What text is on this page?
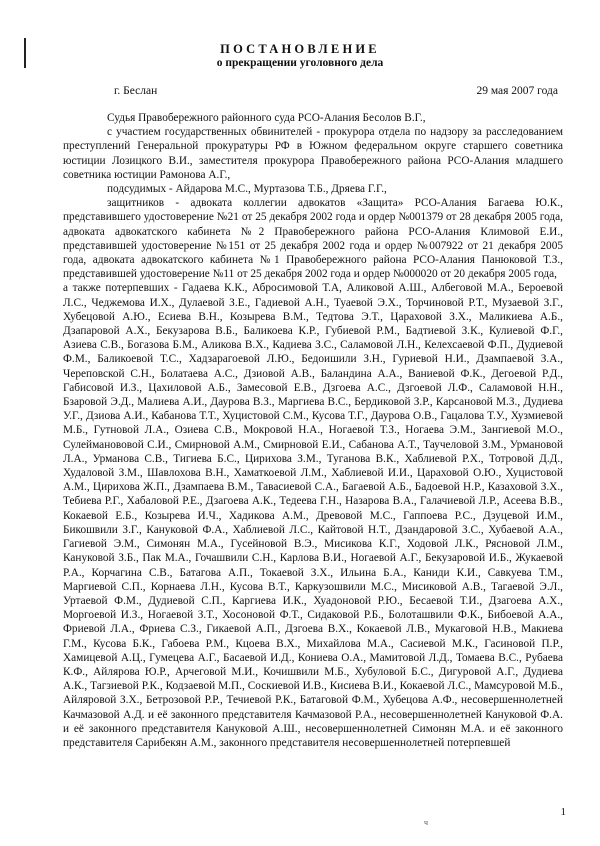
ПОСТАНОВЛЕНИЕ
о прекращении уголовного дела
г. Беслан	29 мая 2007 года

Судья Правобережного районного суда РСО-Алания Бесолов В.Г.,

с участием государственных обвинителей - прокурора отдела по надзору за расследованием преступлений Генеральной прокуратуры РФ в Южном федеральном округе старшего советника юстиции Лозицкого В.И., заместителя прокурора Правобережного района РСО-Алания младшего советника юстиции Рамонова А.Г.,

подсудимых - Айдарова М.С., Муртазова Т.Б., Дряева Г.Г.,

защитников - адвоката коллегии адвокатов «Защита» РСО-Алания Багаева Ю.К., представившего удостоверение №21 от 25 декабря 2002 года и ордер №001379 от 28 декабря 2005 года, адвоката адвокатского кабинета №2 Правобережного района РСО-Алания Климовой Е.И., представившей удостоверение №151 от 25 декабря 2002 года и ордер №007922 от 21 декабря 2005 года, адвоката адвокатского кабинета №1 Правобережного района РСО-Алания Панюковой Т.З., представившей удостоверение №11 от 25 декабря 2002 года и ордер №000020 от 20 декабря 2005 года,

а также потерпевших - Гадаева К.К., Абросимовой Т.А, Аликовой А.Ш., Албеговой М.А., Бероевой Л.С., Чеджемова И.Х., Дулаевой З.Е., Гадиевой А.Н., Туаевой Э.Х., Торчиновой Р.Т., Музаевой З.Г., Хубецовой А.Ю., Есиева В.Н., Козырева В.М., Тедтова Э.Т., Цараховой З.Х., Маликиева А.Б., Дзапаровой А.Х., Бекузарова В.Б., Баликоева К.Р., Губиевой Р.М., Бадтиевой З.К., Кулиевой Ф.Г., Азиева С.В., Богазова Б.М., Аликова В.Х., Кадиева З.С., Саламовой Л.Н., Келехсаевой Ф.П., Дудиевой Ф.М., Баликоевой Т.С., Хадзарагоевой Л.Ю., Бедоишили З.Н., Гуриевой Н.И., Дзампаевой З.А., Череповской С.Н., Болатаева А.С., Дзиовой А.В., Баландина А.А., Ваниевой Ф.К., Дегоевой Р.Д., Габисовой И.З., Цахиловой А.Б., Замесовой Е.В., Дзгоева А.С., Дзгоевой Л.Ф., Саламовой Н.Н., Бзаровой Э.Д., Малиева А.И., Даурова В.З., Маргиева В.С., Бердиковой З.Р., Карсановой М.З., Дудиева У.Г., Дзиова А.И., Кабанова Т.Т., Хуцистовой С.М., Кусова Т.Г., Даурова О.В., Гацалова Т.У., Хузмиевой М.Б., Гутновой Л.А., Озиева С.В., Мокровой Н.А., Ногаевой Т.З., Ногаева Э.М., Зангиевой М.О., Сулейманововой С.И., Смирновой А.М., Смирновой Е.И., Сабанова А.Т., Таучеловой З.М., Урмановой Л.А., Урманова С.В., Тигиева Б.С., Цирихова З.М., Туганова В.К., Хаблиевой Р.Х., Тотровой Д.Д., Худаловой З.М., Шавлохова В.Н., Хаматкоевой Л.М., Хаблиевой И.И., Цараховой О.Ю., Хуцистовой А.М., Цирихова Ж.П., Дзампаева В.М., Тавасиевой С.А., Багаевой А.Б., Бадоевой Н.Р., Казаховой З.Х., Тебиева Р.Г., Хабаловой Р.Е., Дзагоева А.К., Тедеева Г.Н., Назарова В.А., Галачиевой Л.Р., Асеева В.В., Кокаевой Е.Б., Козырева И.Ч., Хадикова А.М., Древовой М.С., Гаппоева Р.С., Дзуцевой И.М., Бикошвили З.Г., Кануковой Ф.А., Хаблиевой Л.С., Кайтовой Н.Т., Дзандаровой З.С., Хубаевой А.А., Гагиевой Э.М., Симонян М.А., Гусейновой В.Э., Мисикова К.Г., Ходовой Л.К., Рясновой Л.М., Кануковой З.Б., Пак М.А., Гочашвили С.Н., Карлова В.И., Ногаевой А.Г., Бекузаровой И.Б., Жукаевой Р.А., Корчагина С.В., Батагова А.П., Токаевой З.Х., Ильина Б.А., Каниди К.И., Савкуева Т.М., Маргиевой С.П., Корнаева Л.Н., Кусова В.Т., Каркузошвили М.С., Мисиковой А.В., Тагаевой Э.Л., Уртаевой Ф.М., Дудиевой С.П., Каргиева И.К., Хуадоновой Р.Ю., Бесаевой Т.И., Дзагоева А.Х., Моргоевой И.З., Ногаевой З.Т., Хосоновой Ф.Т., Сидаковой Р.Б., Болоташвили Ф.К., Бибоевой А.А., Фриевой Л.А., Фриева С.З., Гикаевой А.П., Дзгоева В.Х., Кокаевой Л.В., Мукаговой Н.В., Макиева Г.М., Кусова Б.К., Габоева Р.М., Кцоева В.Х., Михайлова М.А., Сасиевой М.К., Гасиновой П.Р., Хамицевой А.Ц., Гумецева А.Г., Басаевой И.Д., Кониева О.А., Мамитовой Л.Д., Томаева В.С., Рубаева К.Ф., Айлярова Ю.Р., Арчеговой М.И., Кочишвили М.Б., Хубуловой Б.С., Дигуровой А.Г., Дудиева А.К., Тагзиевой Р.К., Кодзаевой М.П., Соскиевой И.В., Кисиева В.И., Кокаевой Л.С., Мамсуровой М.Б., Айляровой З.Х., Бетрозовой Р.Р., Течиевой Р.К., Батаговой Ф.М., Хубецова А.Ф., несовершеннолетней Качмазовой А.Д. и её законного представителя Качмазовой Р.А., несовершеннолетней Кануковой Ф.А. и её законного представителя Кануковой А.Ш., несовершеннолетней Симонян М.А. и её законного представителя Сарибекян А.М., законного представителя несовершеннолетней потерпевшей

ч
1
